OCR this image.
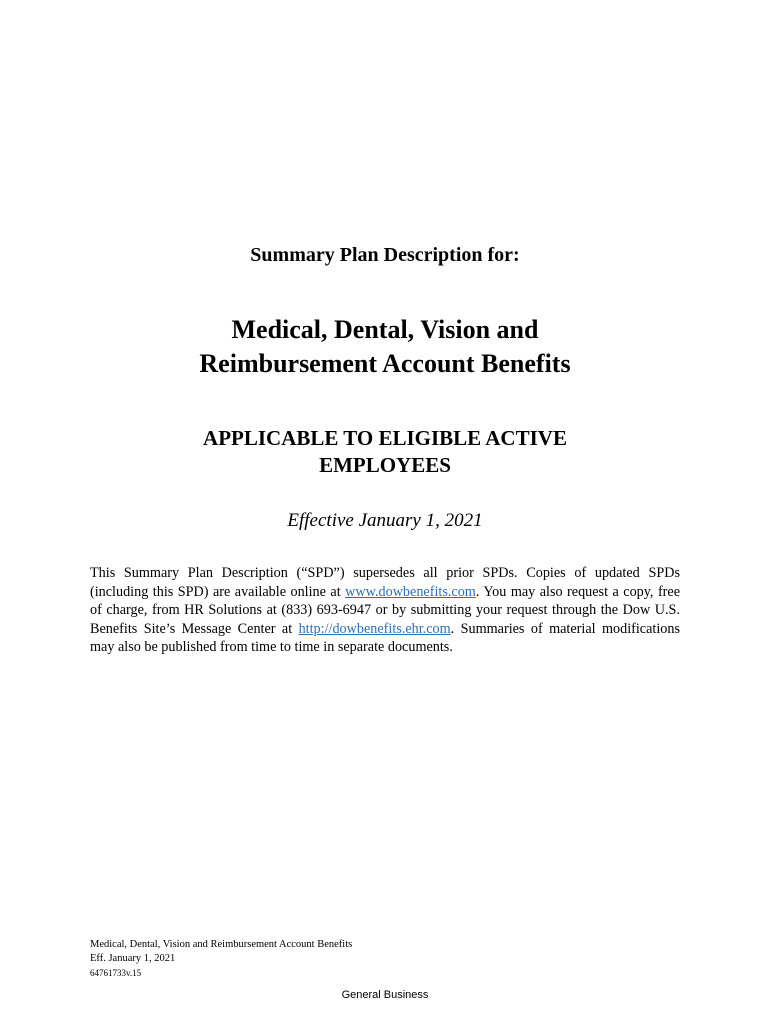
Summary Plan Description for:
Medical, Dental, Vision and
Reimbursement Account Benefits
APPLICABLE TO ELIGIBLE ACTIVE
EMPLOYEES
Effective January 1, 2021

This Summary Plan Description (“SPD”) supersedes all prior SPDs. Copies of updated SPDs (including this SPD) are available online at www.dowbenefits.com. You may also request a copy, free of charge, from HR Solutions at (833) 693-6947 or by submitting your request through the Dow U.S. Benefits Site’s Message Center at http://dowbenefits.ehr.com. Summaries of material modifications may also be published from time to time in separate documents.

Medical, Dental, Vision and Reimbursement Account Benefits
Eff. January 1, 2021
64761733v.15
General Business
